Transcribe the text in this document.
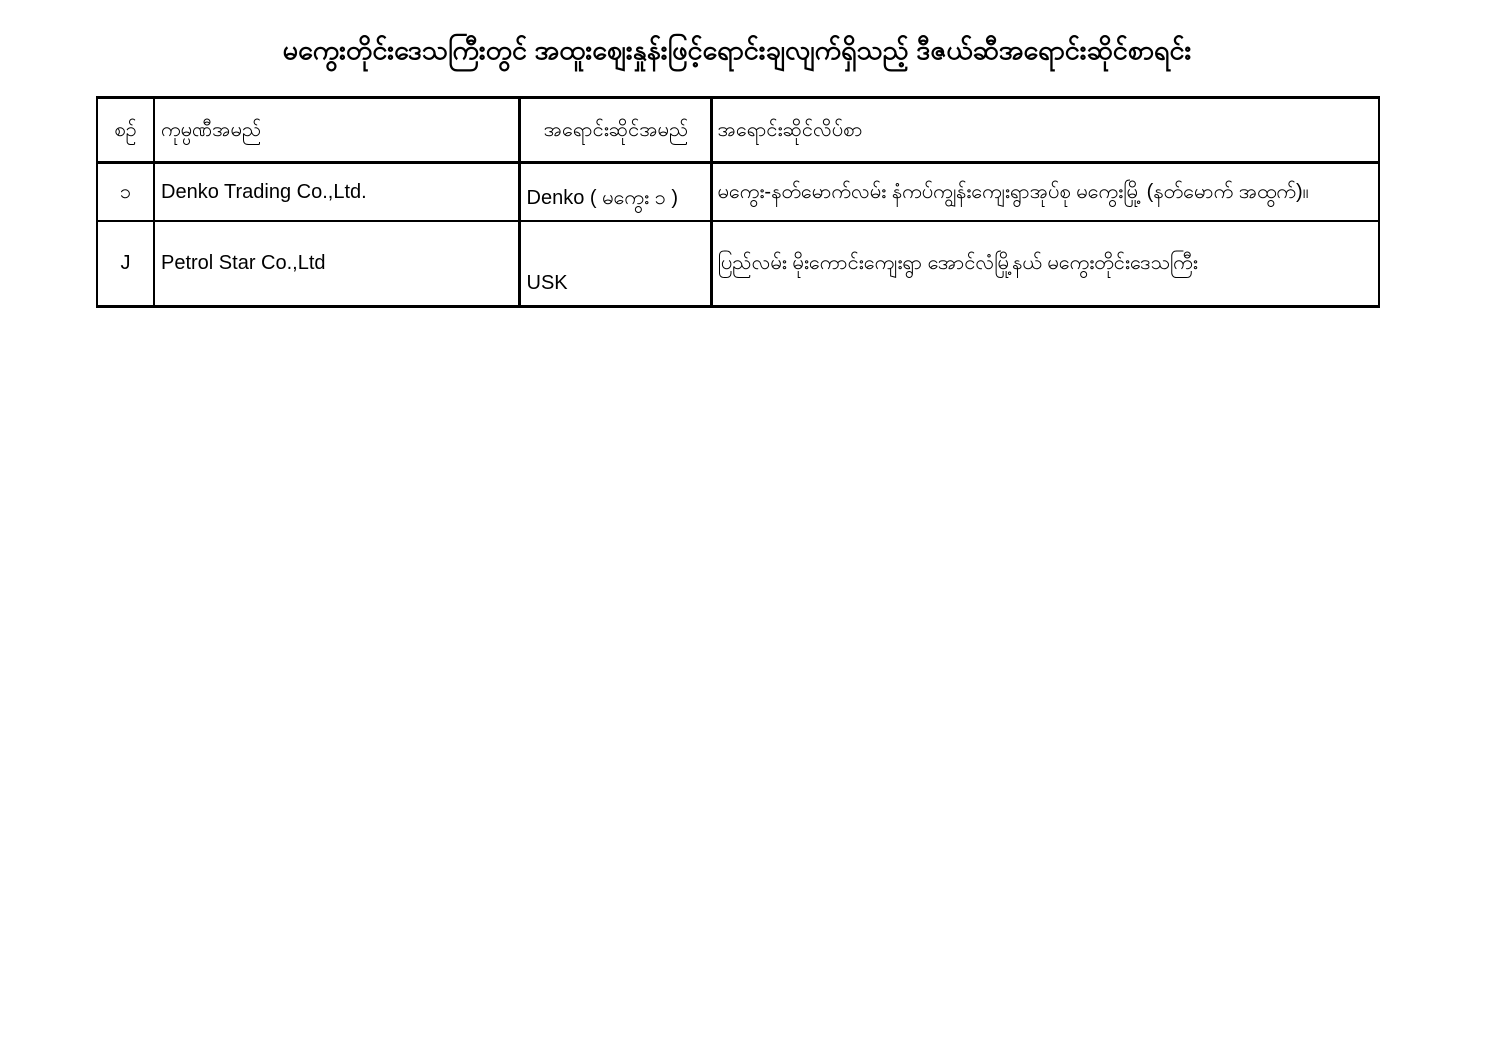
မကွေးတိုင်းဒေသကြီးတွင် အထူးဈေးနှုန်းဖြင့်ရောင်းချလျက်ရှိသည့် ဒီဇယ်ဆီအရောင်းဆိုင်စာရင်း
စဉ်	ကုမ္ပဏီအမည်	အရောင်းဆိုင်အမည်	အရောင်းဆိုင်လိပ်စာ
၁	Denko Trading Co.,Ltd.	Denko ( မကွေး ၁ )	မကွေး-နတ်မောက်လမ်း နံကပ်ကျွန်းကျေးရွာအုပ်စု မကွေးမြို့ (နတ်မောက် အထွက်)။
J	Petrol Star Co.,Ltd	USK	ပြည်လမ်း မိုးကောင်းကျေးရွာ အောင်လံမြို့နယ် မကွေးတိုင်းဒေသကြီး
